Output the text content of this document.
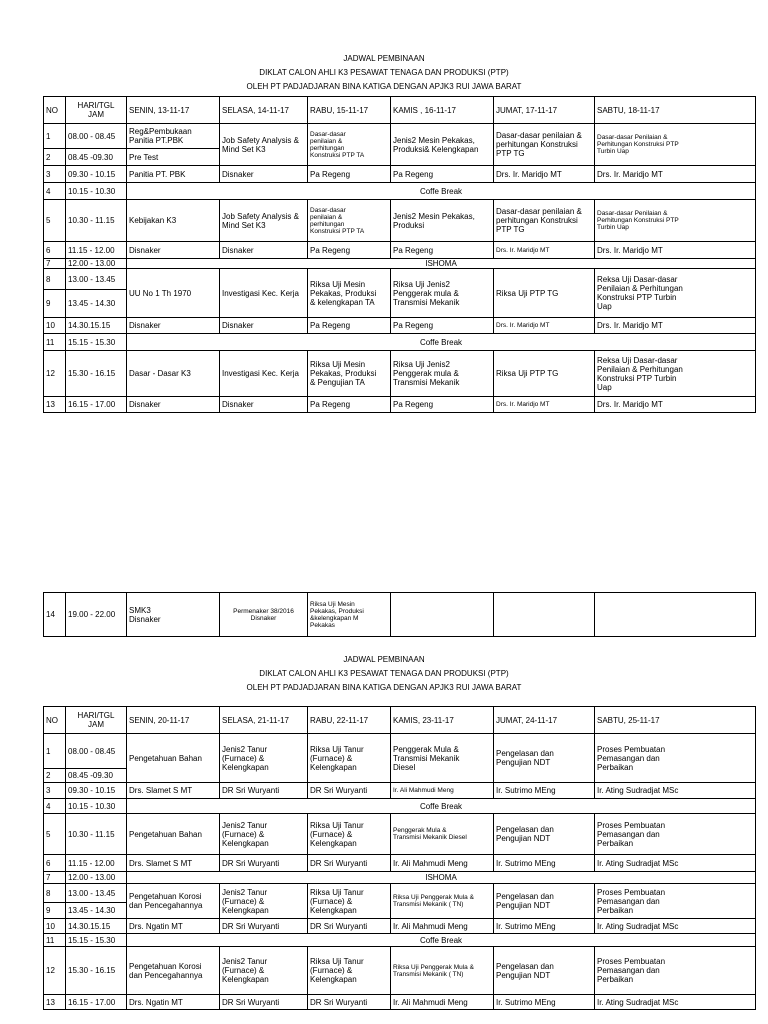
JADWAL PEMBINAAN
DIKLAT CALON AHLI K3 PESAWAT TENAGA DAN PRODUKSI (PTP)
OLEH PT PADJADJARAN BINA KATIGA DENGAN APJK3 RUI JAWA BARAT
NO	HARI/TGL
JAM	SENIN, 13-11-17	SELASA, 14-11-17	RABU, 15-11-17	KAMIS , 16-11-17	JUMAT, 17-11-17	SABTU, 18-11-17
1	08.00 - 08.45	Reg&Pembukaan
Panitia PT.PBK	Job Safety Analysis &
Mind Set K3	Dasar-dasar
penilaian &
perhitungan
Konstruksi PTP TA	Jenis2 Mesin Pekakas,
Produksi& Kelengkapan	Dasar-dasar penilaian &
perhitungan Konstruksi
PTP TG	Dasar-dasar Penilaian &
Perhitungan Konstruksi PTP
Turbin Uap
2	08.45 -09.30	Pre Test					
3	09.30 - 10.15	Panitia PT. PBK	Disnaker	Pa Regeng	Pa Regeng	Drs. Ir. Maridjo MT	Drs. Ir. Maridjo MT
4	10.15 - 10.30	Coffe Break					
5	10.30 - 11.15	Kebijakan K3	Job Safety Analysis &
Mind Set K3	Dasar-dasar
penilaian &
perhitungan
Konstruksi PTP TA	Jenis2 Mesin Pekakas,
Produksi	Dasar-dasar penilaian &
perhitungan Konstruksi
PTP TG	Dasar-dasar Penilaian &
Perhitungan Konstruksi PTP
Turbin Uap
6	11.15 - 12.00	Disnaker	Disnaker	Pa Regeng	Pa Regeng	Drs. Ir. Maridjo MT	Drs. Ir. Maridjo MT
7	12.00 - 13.00	ISHOMA					
8	13.00 - 13.45	UU No 1 Th 1970	Investigasi Kec. Kerja	Riksa Uji Mesin
Pekakas, Produksi
& kelengkapan TA	Riksa Uji Jenis2
Penggerak mula &
Transmisi Mekanik	Riksa Uji PTP TG	Reksa Uji Dasar-dasar
Penilaian & Perhitungan
Konstruksi PTP Turbin
Uap
9	13.45 - 14.30						
10	14.30.15.15	Disnaker	Disnaker	Pa Regeng	Pa Regeng	Drs. Ir. Maridjo MT	Drs. Ir. Maridjo MT
11	15.15 - 15.30	Coffe Break					
12	15.30 - 16.15	Dasar - Dasar K3	Investigasi Kec. Kerja	Riksa Uji Mesin
Pekakas, Produksi
& Pengujian TA	Riksa Uji Jenis2
Penggerak mula &
Transmisi Mekanik	Riksa Uji PTP TG	Reksa Uji Dasar-dasar
Penilaian & Perhitungan
Konstruksi PTP Turbin
Uap
13	16.15 - 17.00	Disnaker	Disnaker	Pa Regeng	Pa Regeng	Drs. Ir. Maridjo MT	Drs. Ir. Maridjo MT
14	19.00 - 22.00	SMK3
Disnaker	Permenaker 38/2016
Disnaker	Riksa Uji Mesin
Pekakas, Produksi
&kelengkapan M
Pekakas			
JADWAL PEMBINAAN
DIKLAT CALON AHLI K3 PESAWAT TENAGA DAN PRODUKSI (PTP)
OLEH PT PADJADJARAN BINA KATIGA DENGAN APJK3 RUI JAWA BARAT
NO	HARI/TGL
JAM	SENIN, 20-11-17	SELASA, 21-11-17	RABU, 22-11-17	KAMIS, 23-11-17	JUMAT, 24-11-17	SABTU, 25-11-17
1	08.00 - 08.45	Pengetahuan Bahan	Jenis2 Tanur
(Furnace) &
Kelengkapan	Riksa Uji Tanur
(Furnace) &
Kelengkapan	Penggerak Mula &
Transmisi Mekanik
Diesel	Pengelasan dan
Pengujian NDT	Proses Pembuatan
Pemasangan dan
Perbaikan
2	08.45 -09.30						
3	09.30 - 10.15	Drs. Slamet S MT	DR Sri Wuryanti	DR Sri Wuryanti	Ir. Ali Mahmudi Meng	Ir. Sutrimo MEng	Ir. Ating Sudradjat MSc
4	10.15 - 10.30	Coffe Break					
5	10.30 - 11.15	Pengetahuan Bahan	Jenis2 Tanur
(Furnace) &
Kelengkapan	Riksa Uji Tanur
(Furnace) &
Kelengkapan	Penggerak Mula &
Transmisi Mekanik Diesel	Pengelasan dan
Pengujian NDT	Proses Pembuatan
Pemasangan dan
Perbaikan
6	11.15 - 12.00	Drs. Slamet S MT	DR Sri Wuryanti	DR Sri Wuryanti	Ir. Ali Mahmudi Meng	Ir. Sutrimo MEng	Ir. Ating Sudradjat MSc
7	12.00 - 13.00	ISHOMA					
8	13.00 - 13.45	Pengetahuan Korosi
dan Pencegahannya	Jenis2 Tanur
(Furnace) &
Kelengkapan	Riksa Uji Tanur
(Furnace) &
Kelengkapan	Riksa Uji Penggerak Mula &
Transmisi Mekanik ( TN)	Pengelasan dan
Pengujian NDT	Proses Pembuatan
Pemasangan dan
Perbaikan
9	13.45 - 14.30						
10	14.30.15.15	Drs. Ngatin MT	DR Sri Wuryanti	DR Sri Wuryanti	Ir. Ali Mahmudi Meng	Ir. Sutrimo MEng	Ir. Ating Sudradjat MSc
11	15.15 - 15.30	Coffe Break					
12	15.30 - 16.15	Pengetahuan Korosi
dan Pencegahannya	Jenis2 Tanur
(Furnace) &
Kelengkapan	Riksa Uji Tanur
(Furnace) &
Kelengkapan	Riksa Uji Penggerak Mula &
Transmisi Mekanik ( TN)	Pengelasan dan
Pengujian NDT	Proses Pembuatan
Pemasangan dan
Perbaikan
13	16.15 - 17.00	Drs. Ngatin MT	DR Sri Wuryanti	DR Sri Wuryanti	Ir. Ali Mahmudi Meng	Ir. Sutrimo MEng	Ir. Ating Sudradjat MSc
